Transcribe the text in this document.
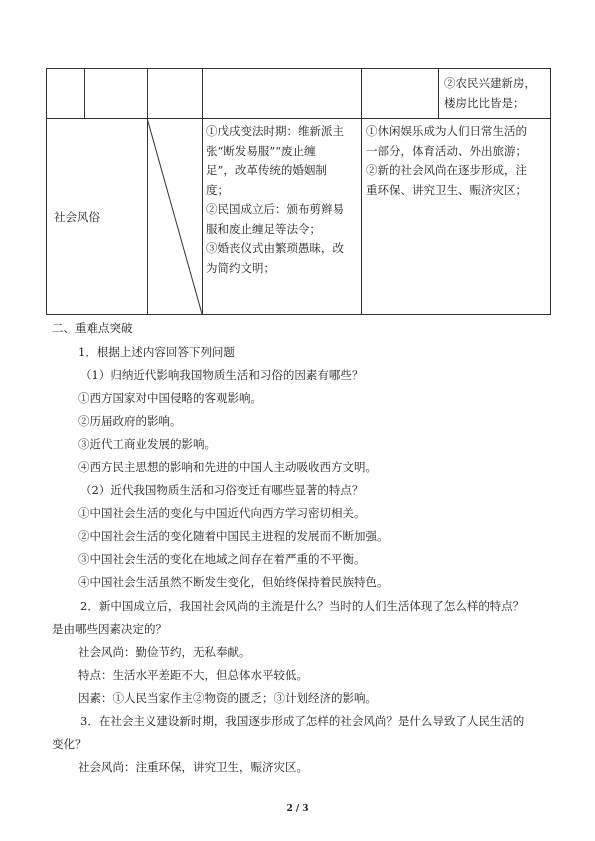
②农民兴建新房，
楼房比比皆是；
社会风俗
①戊戌变法时期：维新派主
张“断发易服”“废止缠
足”，改革传统的婚姻制
度；
②民国成立后：颁布剪辫易
服和废止缠足等法令；
③婚丧仪式由繁琐愚昧，改
为简约文明；
①休闲娱乐成为人们日常生活的
一部分，体育活动、外出旅游；
②新的社会风尚在逐步形成，注
重环保、讲究卫生、赈济灾区；
二、重难点突破
1．根据上述内容回答下列问题
（1）归纳近代影响我国物质生活和习俗的因素有哪些？
①西方国家对中国侵略的客观影响。
②历届政府的影响。
③近代工商业发展的影响。
④西方民主思想的影响和先进的中国人主动吸收西方文明。
（2）近代我国物质生活和习俗变迁有哪些显著的特点？
①中国社会生活的变化与中国近代向西方学习密切相关。
②中国社会生活的变化随着中国民主进程的发展而不断加强。
③中国社会生活的变化在地域之间存在着严重的不平衡。
④中国社会生活虽然不断发生变化，但始终保持着民族特色。
2．新中国成立后，我国社会风尚的主流是什么？当时的人们生活体现了怎么样的特点？
是由哪些因素决定的？
社会风尚：勤俭节约，无私奉献。
特点：生活水平差距不大，但总体水平较低。
因素：①人民当家作主②物资的匮乏；③计划经济的影响。
3．在社会主义建设新时期，我国逐步形成了怎样的社会风尚？是什么导致了人民生活的
变化？
社会风尚：注重环保，讲究卫生，赈济灾区。
2 / 3
